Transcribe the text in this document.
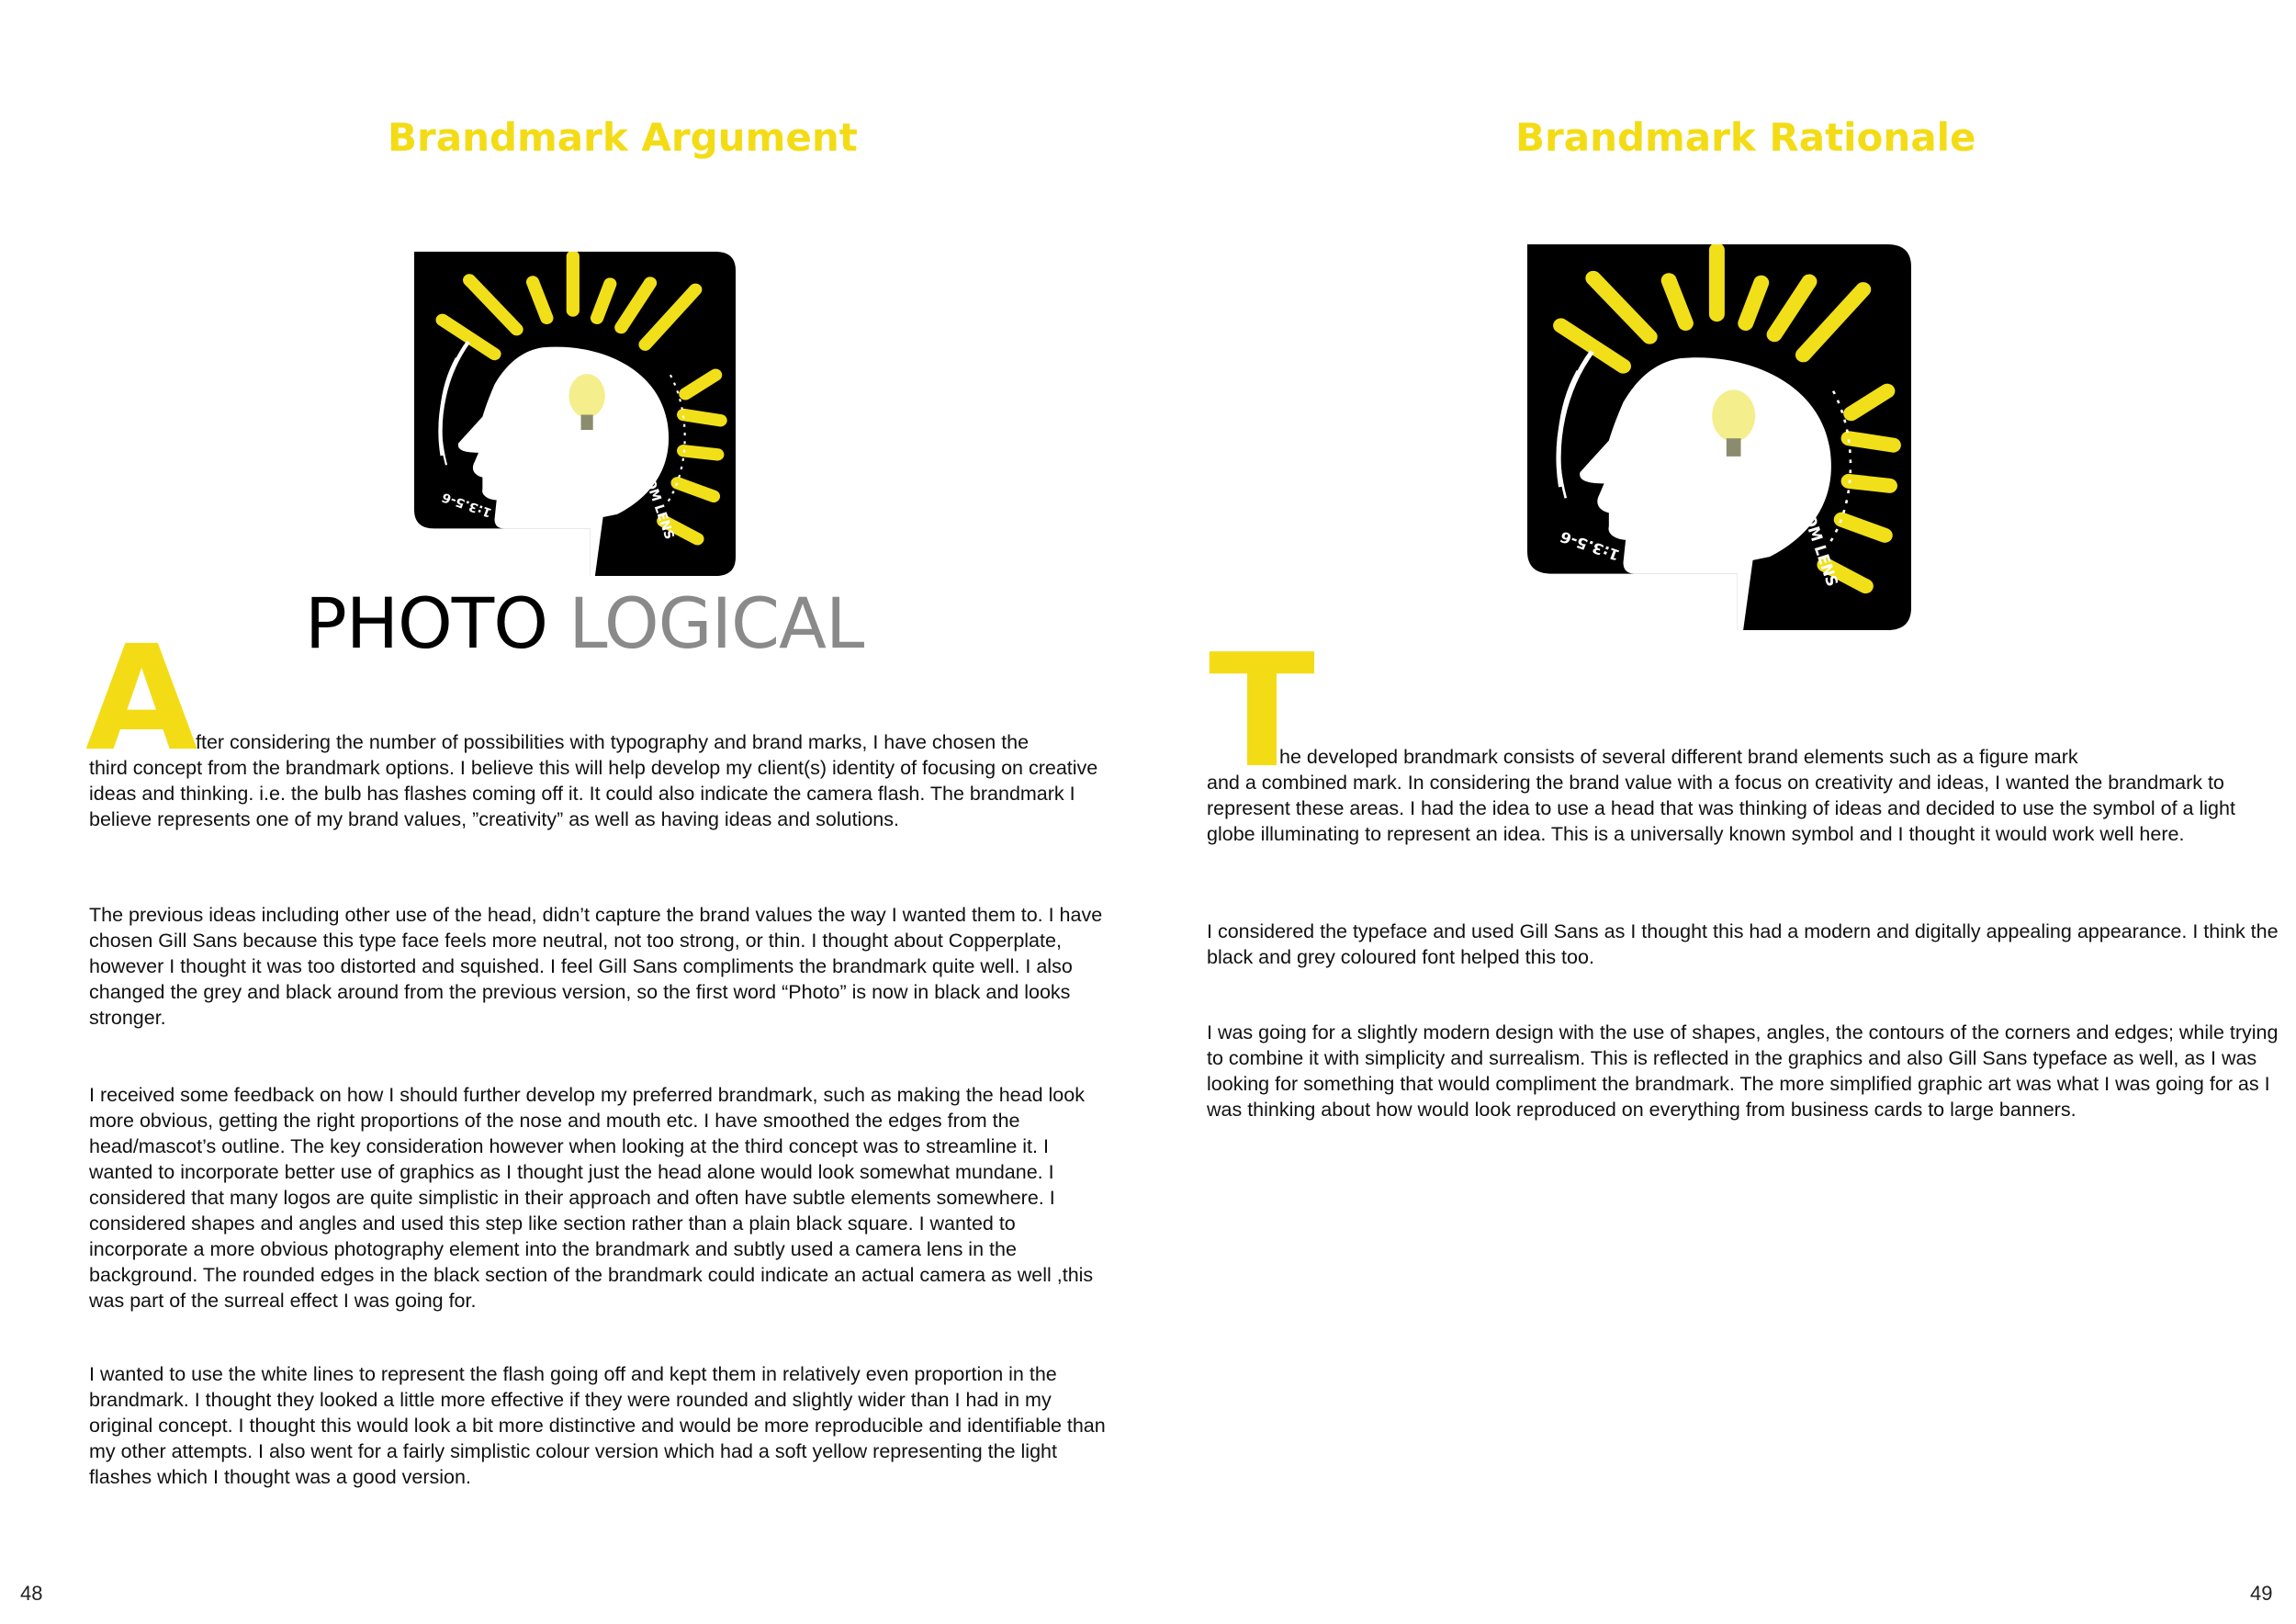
Brandmark Argument

PHOTO LOGICAL

A

fter considering the number of possibilities with typography and brand marks, I have chosen the

third concept from the brandmark options. I believe this will help develop my client(s) identity of focusing on creative ideas and thinking. i.e. the bulb has flashes coming off it. It could also indicate the camera flash. The brandmark I believe represents one of my brand values, ”creativity” as well as having ideas and solutions.

The previous ideas including other use of the head, didn’t capture the brand values the way I wanted them to. I have chosen Gill Sans because this type face feels more neutral, not too strong, or thin. I thought about Copperplate, however I thought it was too distorted and squished. I feel Gill Sans compliments the brandmark quite well. I also changed the grey and black around from the previous version, so the first word “Photo” is now in black and looks stronger.

I received some feedback on how I should further develop my preferred brandmark, such as making the head look more obvious, getting the right proportions of the nose and mouth etc. I have smoothed the edges from the head/mascot’s outline. The key consideration however when looking at the third concept was to streamline it. I wanted to incorporate better use of graphics as I thought just the head alone would look somewhat mundane. I considered that many logos are quite simplistic in their approach and often have subtle elements somewhere. I considered shapes and angles and used this step like section rather than a plain black square. I wanted to incorporate a more obvious photography element into the brandmark and subtly used a camera lens in the background. The rounded edges in the black section of the brandmark could indicate an actual camera as well ,this was part of the surreal effect I was going for.

I wanted to use the white lines to represent the flash going off and kept them in relatively even proportion in the brandmark. I thought they looked a little more effective if they were rounded and slightly wider than I had in my original concept. I thought this would look a bit more distinctive and would be more reproducible and identifiable than my other attempts. I also went for a fairly simplistic colour version which had a soft yellow representing the light flashes which I thought was a good version.

48

Brandmark Rationale

T

he developed brandmark consists of several different brand elements such as a figure mark

and a combined mark. In considering the brand value with a focus on creativity and ideas, I wanted the brandmark to represent these areas. I had the idea to use a head that was thinking of ideas and decided to use the symbol of a light globe illuminating to represent an idea. This is a universally known symbol and I thought it would work well here.

I considered the typeface and used Gill Sans as I thought this had a modern and digitally appealing appearance. I think the black and grey coloured font helped this too.

I was going for a slightly modern design with the use of shapes, angles, the contours of the corners and edges; while trying to combine it with simplicity and surrealism. This is reflected in the graphics and also Gill Sans typeface as well, as I was looking for something that would compliment the brandmark. The more simplified graphic art was what I was going for as I was thinking about how would look reproduced on everything from business cards to large banners.

49
